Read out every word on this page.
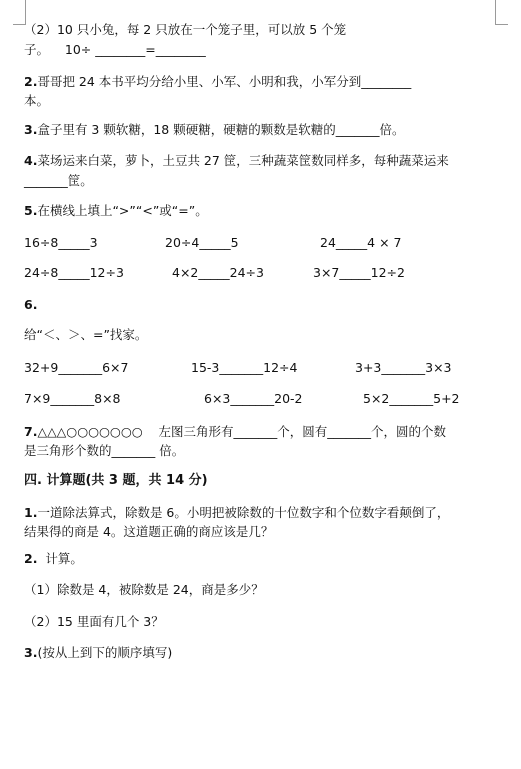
（2）10 只小兔，每 2 只放在一个笼子里，可以放 5 个笼
子。    10÷ ________=________
2.哥哥把 24 本书平均分给小里、小军、小明和我，小军分到________
本。
3.盒子里有 3 颗软糖，18 颗硬糖，硬糖的颗数是软糖的_______倍。
4.菜场运来白菜，萝卜，土豆共 27 筐，三种蔬菜筐数同样多，每种蔬菜运来
_______筐。
5.在横线上填上“>”“<”或“=”。
16÷8_____3	20÷4_____5	24_____4 × 7
24÷8_____12÷3	4×2_____24÷3	3×7_____12÷2
6.
给“＜、＞、=”找家。
32+9_______6×7	15-3_______12÷4	3+3_______3×3
7×9_______8×8	6×3_______20-2	5×2_______5+2
7.△△△○○○○○○○    左图三角形有_______个，圆有_______个，圆的个数
是三角形个数的_______ 倍。
四. 计算题(共 3 题，共 14 分)
1.一道除法算式，除数是 6。小明把被除数的十位数字和个位数字看颠倒了，
结果得的商是 4。这道题正确的商应该是几？
2.  计算。
（1）除数是 4，被除数是 24，商是多少？
（2）15 里面有几个 3？
3.(按从上到下的顺序填写)
